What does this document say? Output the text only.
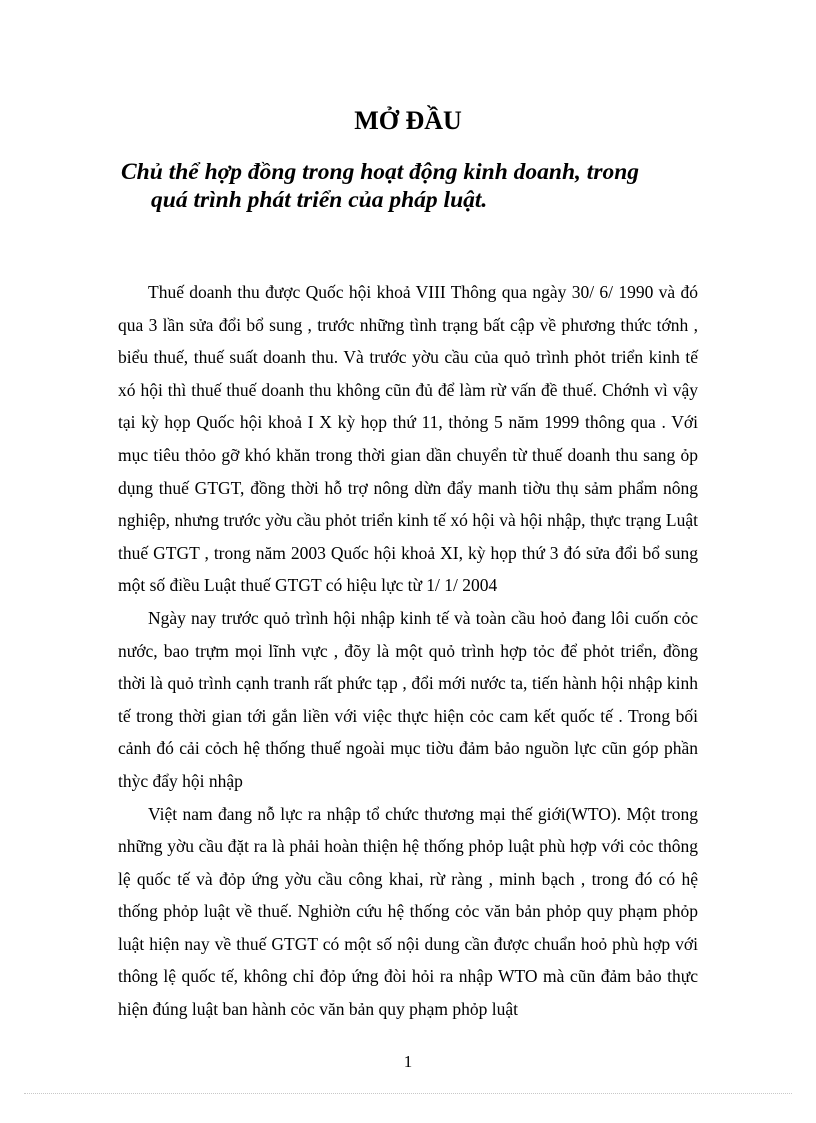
MỞ ĐẦU
Chủ thể hợp đồng trong hoạt động kinh doanh, trong
quá trình phát triển của pháp luật.
Thuế doanh thu được Quốc hội khoả VIII Thông qua ngày 30/ 6/ 1990 và đó
qua 3 lần sửa đổi bổ sung , trước những tình trạng bất cập về phương thức tớnh ,
biểu thuế, thuế suất doanh thu. Và trước yờu cầu của quỏ trình phỏt triển kinh tế
xó hội thì thuế thuế doanh thu không cũn đủ để làm rừ vấn đề thuế. Chớnh vì vậy
tại kỳ họp Quốc hội khoả I X kỳ họp thứ 11, thỏng 5 năm 1999 thông qua . Với
mục tiêu thỏo gỡ khó khăn trong thời gian dần chuyển từ thuế doanh thu sang ỏp
dụng thuế GTGT, đồng thời hỗ trợ nông dừn đẩy manh tiờu thụ sảm phẩm nông
nghiệp, nhưng trước yờu cầu phỏt triển kinh tế xó hội và hội nhập, thực trạng Luật
thuế GTGT , trong năm 2003 Quốc hội khoả XI, kỳ họp thứ 3 đó sửa đổi bổ sung
một số điều Luật thuế GTGT có hiệu lực từ 1/ 1/ 2004
Ngày nay trước quỏ trình hội nhập kinh tế và toàn cầu hoỏ đang lôi cuốn cỏc
nước, bao trựm mọi lĩnh vực , đõy là một quỏ trình hợp tỏc để phỏt triển, đồng
thời là quỏ trình cạnh tranh rất phức tạp , đổi mới nước ta, tiến hành hội nhập kinh
tế trong thời gian tới gắn liền với việc thực hiện cỏc cam kết quốc tế . Trong bối
cảnh đó cải cỏch hệ thống thuế ngoài mục tiờu đảm bảo nguồn lực cũn góp phần
thỳc đẩy hội nhập
Việt nam đang nỗ lực ra nhập tổ chức thương mại thế giới(WTO). Một trong
những yờu cầu đặt ra là phải hoàn thiện hệ thống phỏp luật phù hợp với cỏc thông
lệ quốc tế và đỏp ứng yờu cầu công khai, rừ ràng , minh bạch , trong đó có hệ
thống phỏp luật về thuế. Nghiờn cứu hệ thống cỏc văn bản phỏp quy phạm phỏp
luật hiện nay về thuế GTGT có một số nội dung cần được chuẩn hoỏ phù hợp với
thông lệ quốc tế, không chỉ đỏp ứng đòi hỏi ra nhập WTO mà cũn đảm bảo thực
hiện đúng luật ban hành cỏc văn bản quy phạm phỏp luật
1
